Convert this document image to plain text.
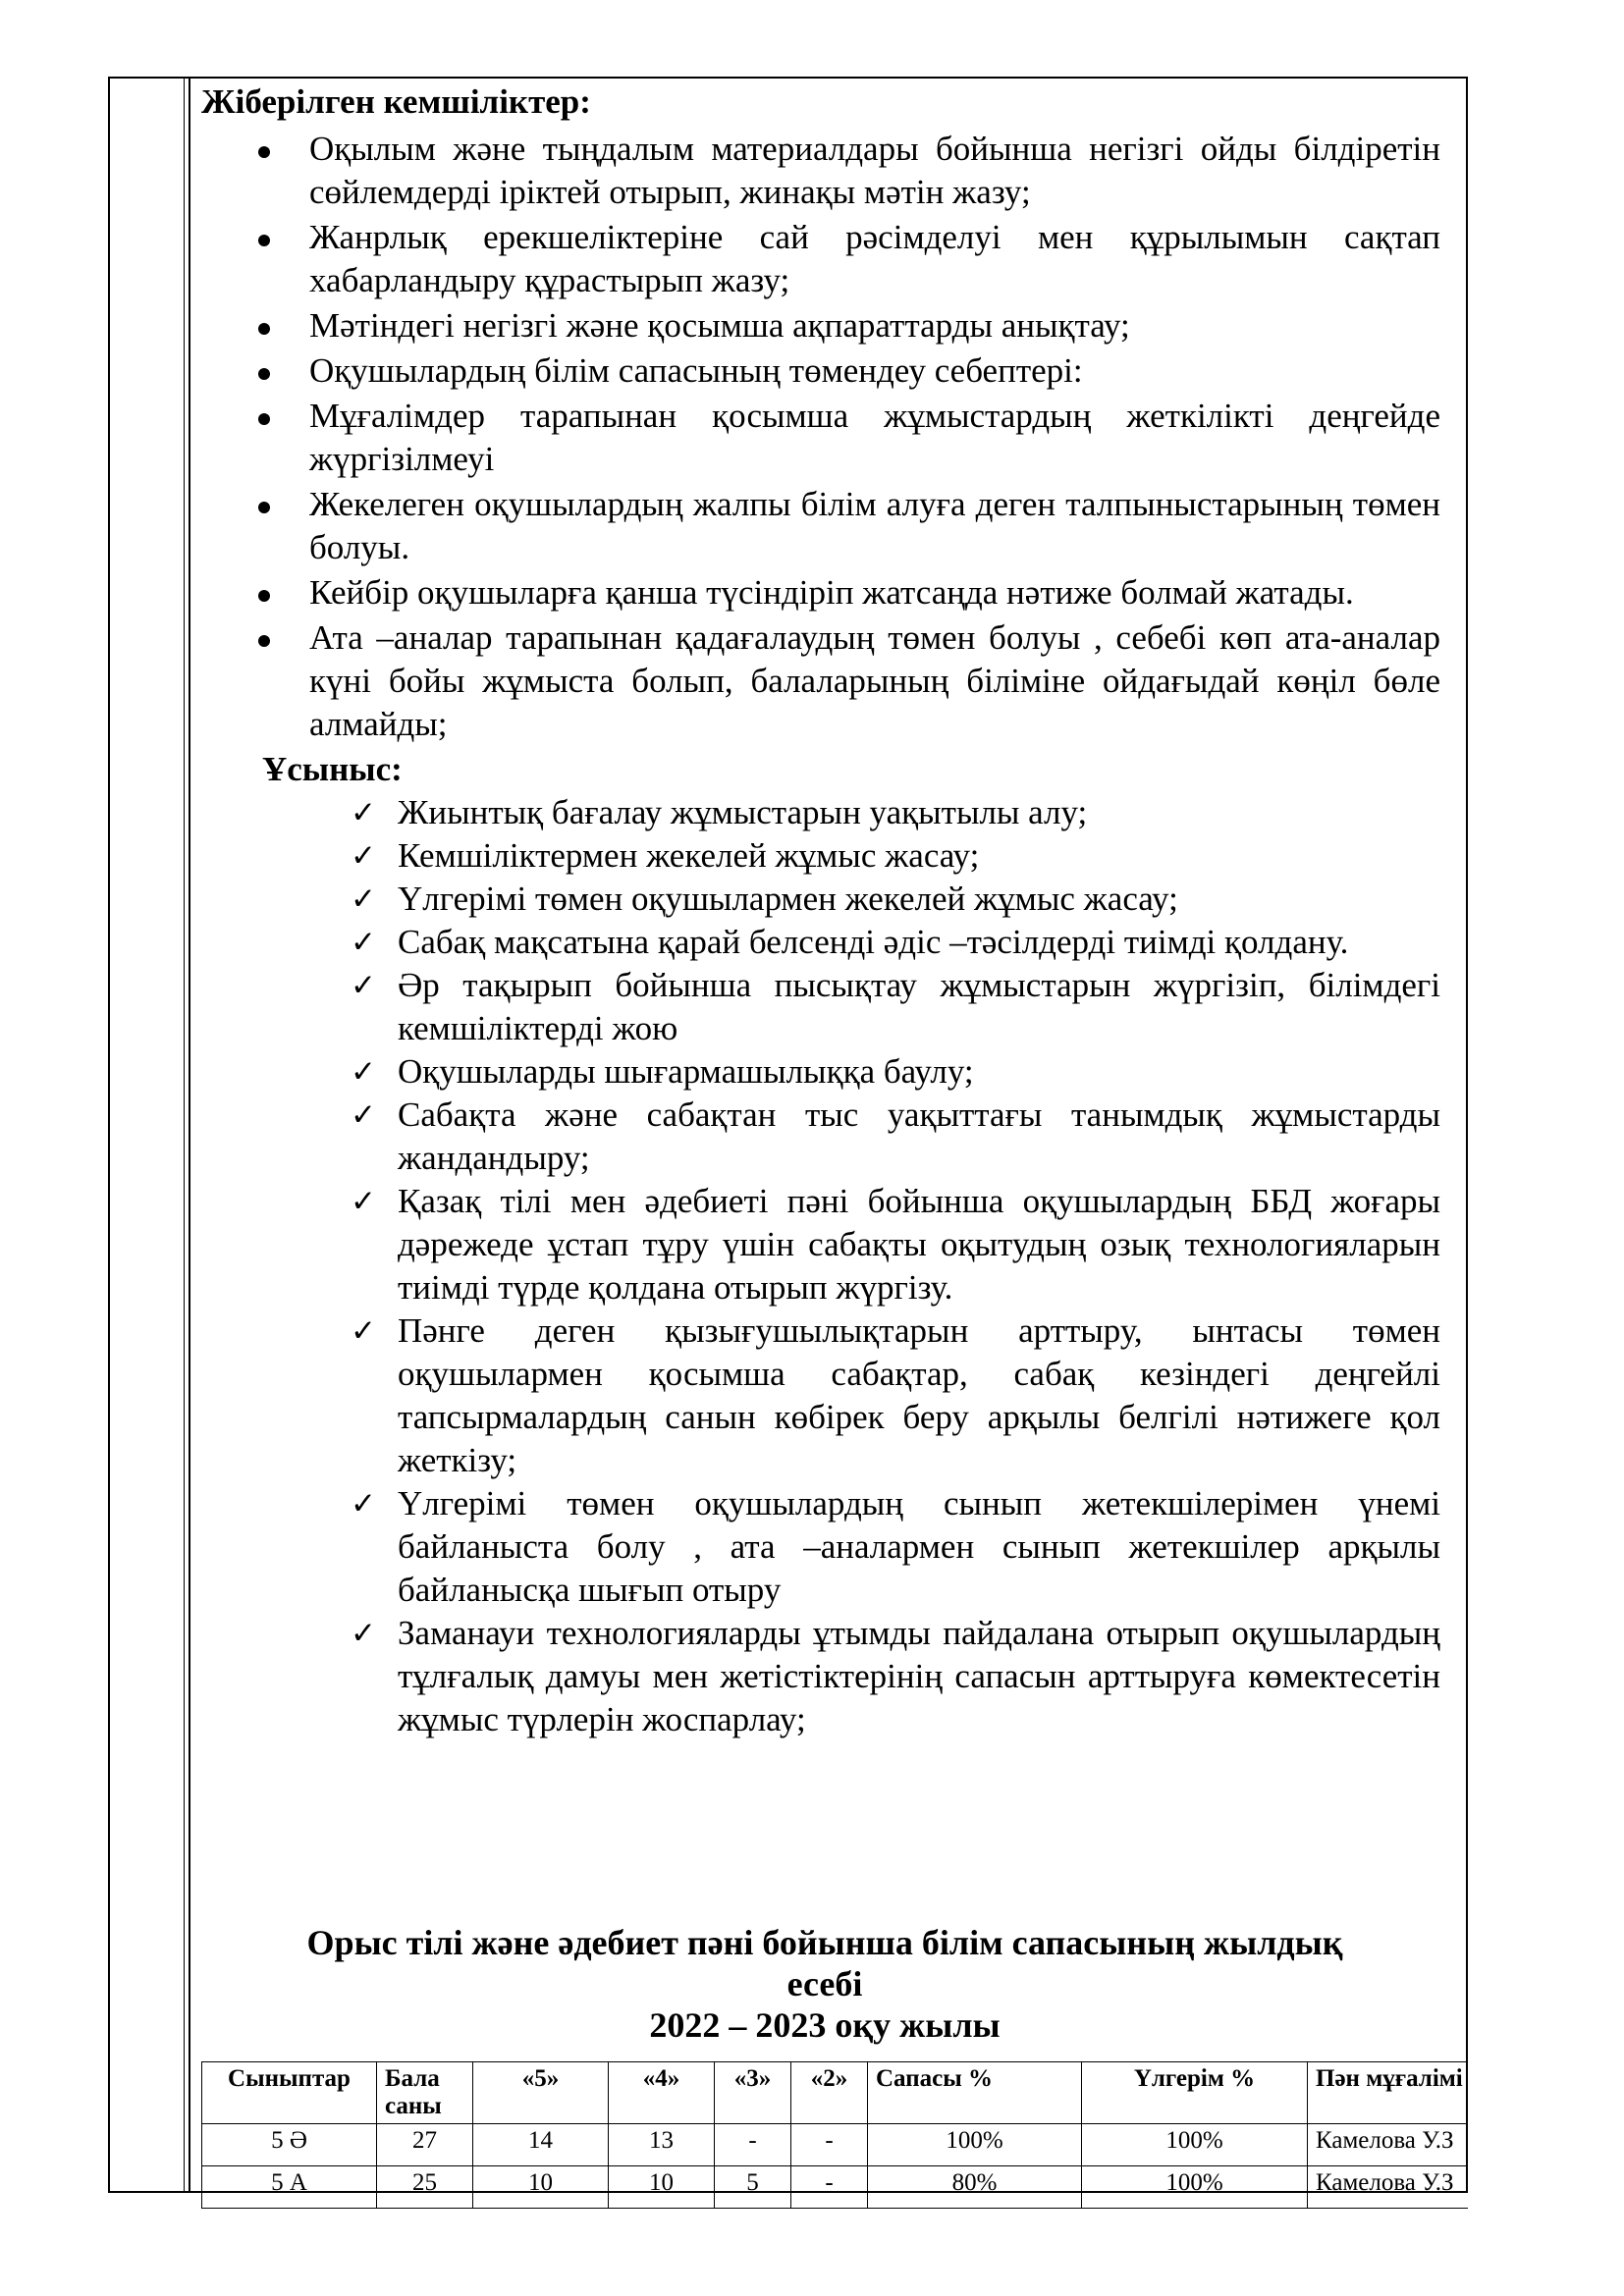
Жіберілген кемшіліктер:

Оқылым және тыңдалым материалдары бойынша негізгі ойды білдіретін сөйлемдерді іріктей отырып, жинақы мәтін жазу;
Жанрлық ерекшеліктеріне сай рәсімделуі мен құрылымын сақтап хабарландыру құрастырып жазу;
Мәтіндегі негізгі және қосымша ақпараттарды анықтау;
Оқушылардың білім сапасының төмендеу себептері:
Мұғалімдер тарапынан қосымша жұмыстардың жеткілікті деңгейде жүргізілмеуі
Жекелеген оқушылардың жалпы білім алуға деген талпыныстарының төмен болуы.
Кейбір оқушыларға қанша түсіндіріп жатсаңда нәтиже болмай жатады.
Ата –аналар тарапынан қадағалаудың төмен болуы , себебі көп ата-аналар күні бойы жұмыста болып, балаларының біліміне ойдағыдай көңіл бөле алмайды;

Ұсыныс:

✓ Жиынтық бағалау жұмыстарын уақытылы алу;
✓ Кемшіліктермен жекелей жұмыс жасау;
✓ Үлгерімі төмен оқушылармен жекелей жұмыс жасау;
✓ Сабақ мақсатына қарай белсенді әдіс –тәсілдерді тиімді қолдану.
✓ Әр тақырып бойынша пысықтау жұмыстарын жүргізіп, білімдегі кемшіліктерді жою
✓ Оқушыларды шығармашылыққа баулу;
✓ Сабақта және сабақтан тыс уақыттағы танымдық жұмыстарды жандандыру;
✓ Қазақ тілі мен әдебиеті пәні бойынша оқушылардың ББД жоғары дәрежеде ұстап тұру үшін сабақты оқытудың озық технологияларын тиімді түрде қолдана отырып жүргізу.
✓ Пәнге деген қызығушылықтарын арттыру, ынтасы төмен оқушылармен қосымша сабақтар, сабақ кезіндегі деңгейлі тапсырмалардың санын көбірек беру арқылы белгілі нәтижеге қол жеткізу;
✓ Үлгерімі төмен оқушылардың сынып жетекшілерімен үнемі байланыста болу , ата –аналармен сынып жетекшілер арқылы байланысқа шығып отыру
✓ Заманауи технологияларды ұтымды пайдалана отырып оқушылардың тұлғалық дамуы мен жетістіктерінің сапасын арттыруға көмектесетін жұмыс түрлерін жоспарлау;
Орыс тілі және әдебиет пәні бойынша білім сапасының жылдық есебі
2022 – 2023 оқу жылы
Сыныптар	Бала саны	«5»	«4»	«3»	«2»	Сапасы %	Үлгерім %	Пән мұғалімі
5 Ә	27	14	13	-	-	100%	100%	Камелова У.З
5 А	25	10	10	5	-	80%	100%	Камелова У.З
